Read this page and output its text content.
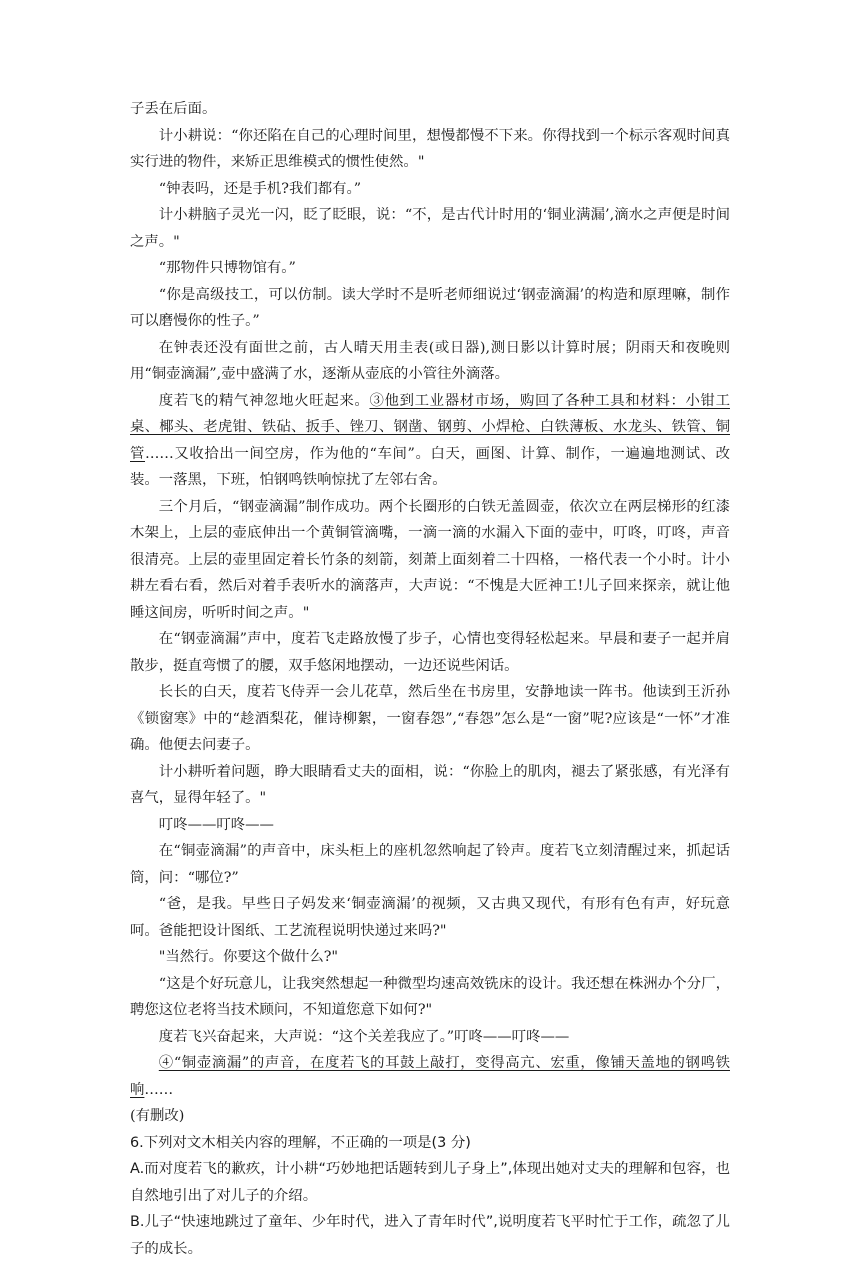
子丢在后面。

计小耕说：“你还陷在自己的心理时间里，想慢都慢不下来。你得找到一个标示客观时间真实行进的物件，来矫正思维模式的惯性使然。"

“钟表吗，还是手机?我们都有。”

计小耕脑子灵光一闪，眨了眨眼，说：“不，是古代计时用的‘铜业满漏’,滴水之声便是时间之声。"

“那物件只博物馆有。”

“你是高级技工，可以仿制。读大学时不是听老师细说过‘钢壶滴漏’的构造和原理嘛，制作可以磨慢你的性子。”

在钟表还没有面世之前，古人晴天用圭表(或日器),测日影以计算时展；阴雨天和夜晚则用“铜壶滴漏”,壶中盛满了水，逐渐从壶底的小管往外滴落。

度若飞的精气神忽地火旺起来。③他到工业器材市场，购回了各种工具和材料：小钳工桌、椰头、老虎钳、铁砧、扳手、锉刀、钢凿、钢剪、小焊枪、白铁薄板、水龙头、铁管、铜管……又收拾出一间空房，作为他的“车间”。白天，画图、计算、制作，一遍遍地测试、改装。一落黑，下班，怕钢鸣铁响惊扰了左邻右舍。

三个月后，“钢壶滴漏”制作成功。两个长圈形的白铁无盖圆壶，依次立在两层梯形的红漆木架上，上层的壶底伸出一个黄铜管滴嘴，一滴一滴的水漏入下面的壶中，叮咚，叮咚，声音很清亮。上层的壶里固定着长竹条的刻箭，刻萧上面刻着二十四格，一格代表一个小时。计小耕左看右看，然后对着手表听水的滴落声，大声说：“不愧是大匠神工!儿子回来探亲，就让他睡这间房，听听时间之声。"

在“钢壶滴漏”声中，度若飞走路放慢了步子，心情也变得轻松起来。早晨和妻子一起并肩散步，挺直弯惯了的腰，双手悠闲地摆动，一边还说些闲话。

长长的白天，度若飞侍弄一会儿花草，然后坐在书房里，安静地读一阵书。他读到王沂孙《锁窗寒》中的“趁酒梨花，催诗柳絮，一窗春怨”,“春怨”怎么是“一窗”呢?应该是“一怀”才准确。他便去问妻子。

计小耕听着问题，睁大眼睛看丈夫的面相，说：“你脸上的肌肉，褪去了紧张感，有光泽有喜气，显得年轻了。"

叮咚——叮咚——

在“铜壶滴漏”的声音中，床头柜上的座机忽然响起了铃声。度若飞立刻清醒过来，抓起话筒，问：“哪位?”

“爸，是我。早些日子妈发来‘铜壶滴漏’的视频，又古典又现代，有形有色有声，好玩意呵。爸能把设计图纸、工艺流程说明快递过来吗?"

"当然行。你要这个做什么?"

“这是个好玩意儿，让我突然想起一种微型均速高效铣床的设计。我还想在株洲办个分厂，聘您这位老将当技术顾问，不知道您意下如何?"

度若飞兴奋起来，大声说：“这个关差我应了。”叮咚——叮咚——

④“铜壶滴漏”的声音，在度若飞的耳鼓上敲打，变得高亢、宏重，像铺天盖地的钢鸣铁响……

(有删改)

6.下列对文木相关内容的理解，不正确的一项是(3 分)

A.而对度若飞的歉疚，计小耕“巧妙地把话题转到儿子身上”,体现出她对丈夫的理解和包容，也自然地引出了对儿子的介绍。

B.儿子“快速地跳过了童年、少年时代，进入了青年时代”,说明度若飞平时忙于工作，疏忽了儿子的成长。
